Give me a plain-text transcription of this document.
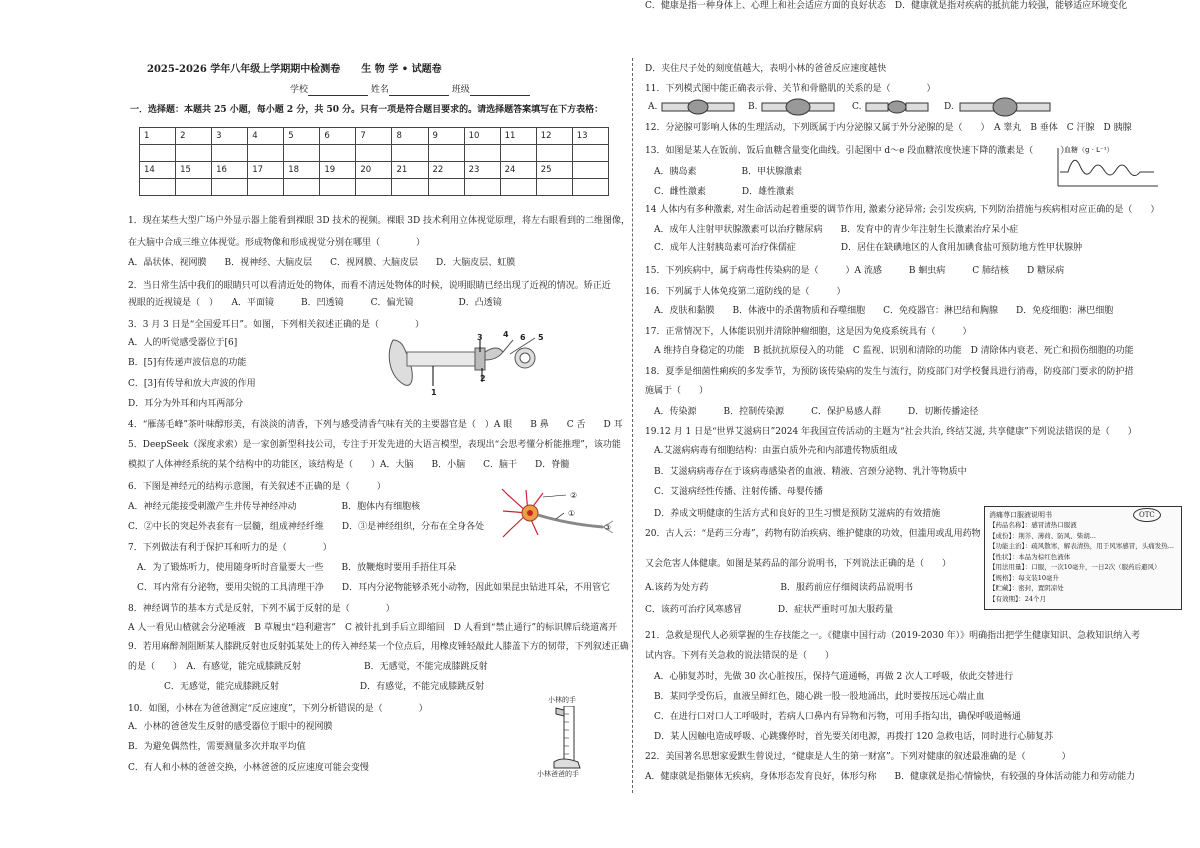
2025-2026 学年八年级上学期期中检测卷 生 物 学 • 试题卷
学校	姓名	班级
一．选择题：本题共 25 小题，每小题 2 分，共 50 分。只有一项是符合题目要求的。请选择题答案填写在下方表格：
1	2	3	4	5	6	7	8	9	10	11	12	13

14	15	16	17	18	19	20	21	22	23	24	25	

1．现在某些大型广场户外显示器上能看到裸眼 3D 技术的视频。裸眼 3D 技术利用立体视觉原理，将左右眼看到的二维图像，
在大脑中合成三维立体视觉。形成物像和形成视觉分别在哪里（　　　　）
A．晶状体、视网膜　　B．视神经、大脑皮层　　C．视网膜、大脑皮层　　D．大脑皮层、虹膜
2．当日常生活中我们的眼睛只可以看清近处的物体，而看不清远处物体的时候，说明眼睛已经出现了近视的情况。矫正近
视眼的近视镜是（　）　　A．平面镜　　　B．凹透镜　　　C．偏光镜　　　　　D．凸透镜
3．3 月 3 日是“全国爱耳日”。如图，下列相关叙述正确的是（　　　　）
A．人的听觉感受器位于[6]
B．[5]有传递声波信息的功能
C．[3]有传导和放大声波的作用
D．耳分为外耳和内耳两部分
4．“雁荡毛峰”茶叶味醇形美，有淡淡的清香，下列与感受清香气味有关的主要器官是（　）A 眼　　B 鼻　　C 舌　　D 耳
5．DeepSeek（深度求索）是一家创新型科技公司，专注于开发先进的大语言模型，表现出“会思考懂分析能推理”，该功能
模拟了人体神经系统的某个结构中的功能区，该结构是（　　）A．大脑　　B．小脑　　C．脑干　　D．脊髓
6．下图是神经元的结构示意图，有关叙述不正确的是（　　　）
A．神经元能接受刺激产生并传导神经冲动　　　　　B．胞体内有细胞核
C．②中长的突起外表套有一层髓，组成神经纤维　　D．③是神经组织，分布在全身各处
7．下列做法有利于保护耳和听力的是（　　　　）
　A．为了锻炼听力，使用随身听时音量要大一些　　B．放鞭炮时要用手捂住耳朵
　C．耳内常有分泌物，要用尖锐的工具清理干净　　D．耳内分泌物能够杀死小动物，因此如果昆虫钻进耳朵，不用管它
8．神经调节的基本方式是反射，下列不属于反射的是（　　　　）
A 人一看见山楂就会分泌唾液　B 草履虫“趋利避害”　C 被针扎到手后立即缩回　D 人看到“禁止通行”的标识牌后绕道离开
9．若用麻醉剂阻断某人膝跳反射也反射弧某处上的传入神经某一个位点后，用橡皮锤轻敲此人膝盖下方的韧带，下列叙述正确
的是（　　）　A．有感觉，能完成膝跳反射　　　　　　　B．无感觉，不能完成膝跳反射
　　　　C．无感觉，能完成膝跳反射　　　　　　　　　D．有感觉，不能完成膝跳反射
10．如图，小林在为爸爸测定“反应速度”，下列分析错误的是（　　　　）
A．小林的爸爸发生反射的感受器位于眼中的视网膜
B．为避免偶然性，需要测量多次并取平均值
C．有人和小林的爸爸交换，小林爸爸的反应速度可能会变慢
D．夹住尺子处的刻度值越大，表明小林的爸爸反应速度越快
11．下列模式图中能正确表示骨、关节和骨骼肌的关系的是（　　　　）
12．分泌腺可影响人体的生理活动，下列既属于内分泌腺又属于外分泌腺的是（　　）　A 睾丸　B 垂体　C 汗腺　D 胰腺
13．如图是某人在饭前、饭后血糖含量变化曲线。引起图中 d～e 段血糖浓度快速下降的激素是（　　　）
　A．胰岛素　　　　　B．甲状腺激素
　C．雌性激素　　　　D．雄性激素
14 人体内有多种激素, 对生命活动起着重要的调节作用, 激素分泌异常; 会引发疾病, 下列防治措施与疾病相对应正确的是（　　）
　A．成年人注射甲状腺激素可以治疗糖尿病　　B．发育中的青少年注射生长激素治疗呆小症
　C．成年人注射胰岛素可治疗侏儒症　　　　　D．居住在缺碘地区的人食用加碘食盐可预防地方性甲状腺肿
15．下列疾病中，属于病毒性传染病的是（　　　）A 流感　　　B 蛔虫病　　　C 肺结核　　D 糖尿病
16．下列属于人体免疫第二道防线的是（　　　）
　A．皮肤和黏膜　　B．体液中的杀菌物质和吞噬细胞　　C．免疫器官：淋巴结和胸腺　　D．免疫细胞：淋巴细胞
17．正常情况下，人体能识别并清除肿瘤细胞，这是因为免疫系统具有（　　　）
　A 维持自身稳定的功能　B 抵抗抗原侵入的功能　C 监视、识别和清除的功能　D 清除体内衰老、死亡和损伤细胞的功能
18．夏季是细菌性痢疾的多发季节，为预防该传染病的发生与流行，防疫部门对学校餐具进行消毒，防疫部门要求的防护措
施属于（　　）
　A．传染源　　　B．控制传染源　　　C．保护易感人群　　　D．切断传播途径
19.12 月 1 日是“世界艾滋病日”2024 年我国宣传活动的主题为“社会共治, 终结艾滋, 共享健康”下列说法错误的是（　　）
　A.艾滋病病毒有细胞结构：由蛋白质外壳和内部遗传物质组成
　B．艾滋病病毒存在于该病毒感染者的血液、精液、宫颈分泌物、乳汁等物质中
　C．艾滋病经性传播、注射传播、母婴传播
　D．养成文明健康的生活方式和良好的卫生习惯是预防艾滋病的有效措施
20．古人云：“是药三分毒”，药物有防治疾病、维护健康的功效，但滥用或乱用药物
又会危害人体健康。如图是某药品的部分说明书，下列说法正确的是（　　）
A.该药为处方药　　　　　　　　B．服药前应仔细阅读药品说明书
C．该药可治疗风寒感冒　　　　D．症状严重时可加大服药量
21．急救是现代人必须掌握的生存技能之一。《健康中国行动（2019-2030 年）》明确指出把学生健康知识、急救知识纳入考
试内容。下列有关急救的说法错误的是（　　）
　A．心肺复苏时，先做 30 次心脏按压，保持气道通畅，再做 2 次人工呼吸，依此交替进行
　B．某同学受伤后，血液呈鲜红色，随心跳一股一股地涌出，此时要按压远心端止血
　C．在进行口对口人工呼吸时，若病人口鼻内有异物和污物，可用手指勾出，确保呼吸道畅通
　D．某人因触电造成呼吸、心跳骤停时，首先要关闭电源，再拨打 120 急救电话，同时进行心肺复苏
22．美国著名思想家爱默生曾说过，“健康是人生的第一财富”。下列对健康的叙述最准确的是（　　　　）
A．健康就是指躯体无疾病，身体形态发育良好，体形匀称　　B．健康就是指心情愉快，有较强的身体活动能力和劳动能力
C．健康是指一种身体上、心理上和社会适应方面的良好状态　D．健康就是指对疾病的抵抗能力较强，能够适应环境变化
3	4 6 5
1
2
②
①
③
小林的手
小林爸爸的手
A.	B.	C.	D.
血糖（g · L⁻¹）
消痛荨口服液说明书	OTC
【药品名称】：感冒清热口服液
【成份】：荆芥、薄荷、防风、柴胡...
【功能主治】：疏风散寒，解表清热，用于风寒感冒，头痛发热...
【性状】：本品为棕红色液体
【用法用量】：口服，一次10毫升，一日2次（服药后避风）
【规格】：每支装10毫升
【贮藏】：密封，置阴凉处
【有效期】：24个月
